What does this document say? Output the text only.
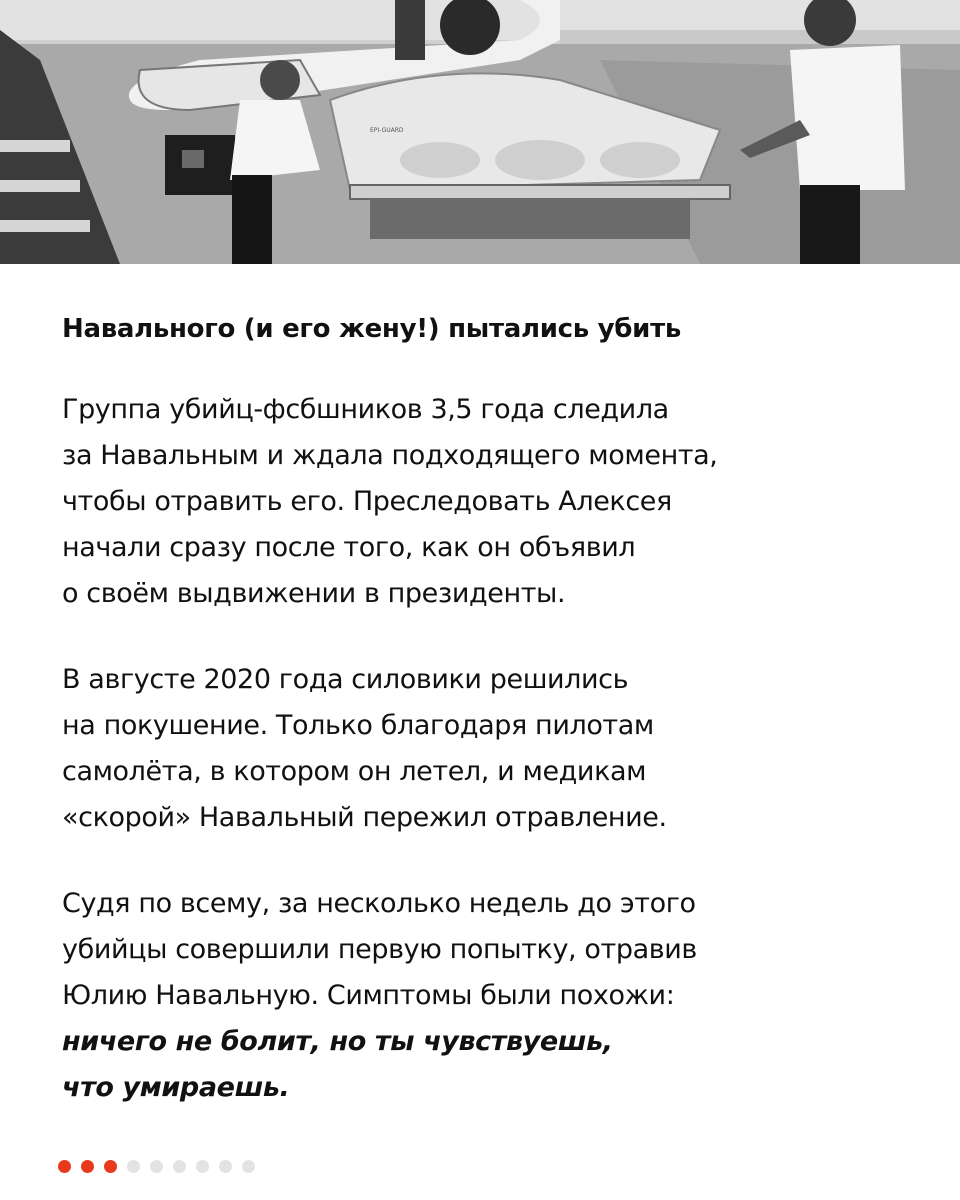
EPI-GUARD
Навального (и его жену!) пытались убить

Группа убийц-фсбшников 3,5 года следила
за Навальным и ждала подходящего момента,
чтобы отравить его. Преследовать Алексея
начали сразу после того, как он объявил
о своём выдвижении в президенты.

В августе 2020 года силовики решились
на покушение. Только благодаря пилотам
самолёта, в котором он летел, и медикам
«скорой» Навальный пережил отравление.

Судя по всему, за несколько недель до этого
убийцы совершили первую попытку, отравив
Юлию Навальную. Симптомы были похожи:
ничего не болит, но ты чувствуешь,
что умираешь.
